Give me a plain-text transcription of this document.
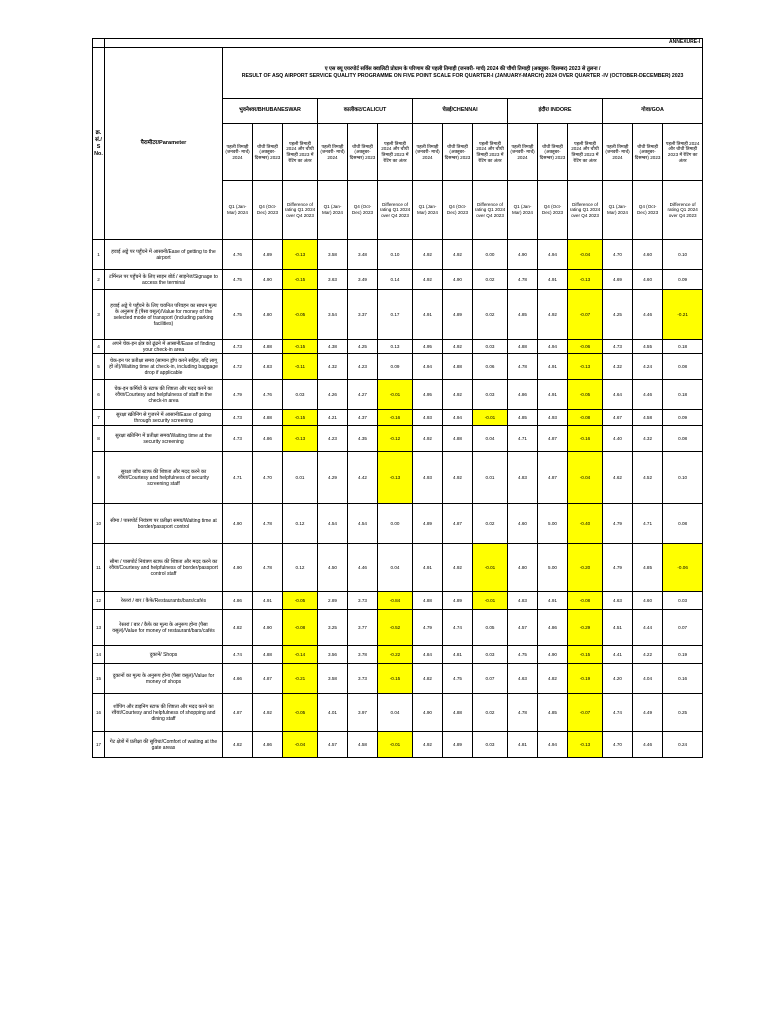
																ANNEXURE-I
क्र.सं./ S No.	पैरामीटर/Parameter	ए एस क्यू एयरपोर्ट सर्विस क्वालिटी प्रोग्राम के परिणाम की पहली तिमाही (जनवरी- मार्च) 2024 की चौथी तिमाही (अक्तूबर- दिसम्बर) 2023 से तुलना /
RESULT OF ASQ AIRPORT SERVICE QUALITY PROGRAMME ON FIVE POINT SCALE FOR QUARTER-I (JANUARY-MARCH) 2024 OVER QUARTER -IV (OCTOBER-DECEMBER) 2023														

		भुवनेश्वर/BHUBANESWAR			कालीकट/CALICUT			चेन्नई/CHENNAI			इंदौर/ INDORE			गोवा/GOA		
		पहली तिमाही (जनवरी- मार्च) 2024	चौथी तिमाही (अक्तूबर- दिसम्बर) 2023	पहली तिमाही 2024 और चौथी तिमाही 2023 में रेटिंग का अंतर	पहली तिमाही (जनवरी- मार्च) 2024	चौथी तिमाही (अक्तूबर- दिसम्बर) 2023	पहली तिमाही 2024 और चौथी तिमाही 2023 में रेटिंग का अंतर	पहली तिमाही (जनवरी- मार्च) 2024	चौथी तिमाही (अक्तूबर- दिसम्बर) 2023	पहली तिमाही 2024 और चौथी तिमाही 2023 में रेटिंग का अंतर	पहली तिमाही (जनवरी- मार्च) 2024	चौथी तिमाही (अक्तूबर- दिसम्बर) 2023	पहली तिमाही 2024 और चौथी तिमाही 2023 में रेटिंग का अंतर	पहली तिमाही (जनवरी- मार्च) 2024	चौथी तिमाही (अक्तूबर- दिसम्बर) 2023	पहली तिमाही 2024 और चौथी तिमाही 2023 में रेटिंग का अंतर
		Q1 (Jan-Mar) 2024	Q4 (Oct-Dec) 2023	Difference of rating Q1 2024 over Q4 2023	Q1 (Jan-Mar) 2024	Q4 (Oct-Dec) 2023	Difference of rating Q1 2024 over Q4 2023	Q1 (Jan-Mar) 2024	Q4 (Oct-Dec) 2023	Difference of rating Q1 2024 over Q4 2023	Q1 (Jan-Mar) 2024	Q4 (Oct-Dec) 2023	Difference of rating Q1 2024 over Q4 2023	Q1 (Jan-Mar) 2024	Q4 (Oct-Dec) 2023	Difference of rating Q1 2024 over Q4 2023
1	हवाई अड्डे पर पहुँचने में आसानी/Ease of getting to the airport	4.76	4.89	-0.13	3.58	3.48	0.10	4.92	4.92	0.00	4.90	4.94	-0.04	4.70	4.60	0.10
2	टर्मिनल पर पहुँचने के लिए साइन बोर्ड / साइनेज/Signage to access the terminal	4.75	4.90	-0.15	3.63	3.49	0.14	4.92	4.90	0.02	4.78	4.91	-0.13	4.69	4.60	0.09
3	हवाई अड्डे पे पहुँचने के लिए चयनित परिवहन का साधन मूल्य के अनुरूप है (पैसा वसूल)/Value for money of the selected mode of transport (including parking facilities)	4.75	4.80	-0.05	3.54	3.37	0.17	4.91	4.89	0.02	4.85	4.92	-0.07	4.25	4.46	-0.21
4	अपने चेक-इन क्षेत्र को ढूंढने में आसानी/Ease of finding your check-in area	4.73	4.88	-0.15	4.38	4.25	0.13	4.95	4.92	0.03	4.88	4.94	-0.06	4.73	4.55	0.18
5	चेक-इन पर प्रतीक्षा समय (सामान ड्रॉप करने सहित, यदि लागू हो तो)/Waiting time at check-in, including baggage drop if applicable	4.72	4.83	-0.11	4.32	4.23	0.09	4.94	4.88	0.06	4.78	4.91	-0.13	4.32	4.24	0.08
6	चेक-इन कर्मियों के स्टाफ की शिष्टता और मदद करने का रवैया/Courtesy and helpfulness of staff in the check-in area	4.79	4.76	0.03	4.26	4.27	-0.01	4.95	4.92	0.03	4.86	4.91	-0.05	4.64	4.46	0.18
7	सुरक्षा स्क्रीनिंग से गुजरने में आसानी/Ease of going through security screening	4.73	4.88	-0.15	4.21	4.37	-0.16	4.93	4.94	-0.01	4.85	4.93	-0.08	4.67	4.58	0.09
8	सुरक्षा स्क्रीनिंग में प्रतीक्षा समय/Waiting time at the security screening	4.73	4.86	-0.13	4.23	4.35	-0.12	4.92	4.88	0.04	4.71	4.87	-0.16	4.40	4.32	0.08
9	सुरक्षा जाँच स्टाफ की शिष्टता और मदद करने का रवैया/Courtesy and helpfulness of security screening staff	4.71	4.70	0.01	4.29	4.42	-0.13	4.93	4.92	0.01	4.83	4.87	-0.04	4.62	4.52	0.10
10	सीमा / पासपोर्ट नियंत्रण पर प्रतीक्षा समय/Waiting time at border/passport control	4.90	4.78	0.12	4.54	4.54	0.00	4.89	4.87	0.02	4.60	5.00	-0.40	4.79	4.71	0.08
11	सीमा / पासपोर्ट नियंत्रण स्टाफ की शिष्टता और मदद करने का रवैया/Courtesy and helpfulness of border/passport control staff	4.90	4.78	0.12	4.50	4.46	0.04	4.91	4.92	-0.01	4.80	5.00	-0.20	4.79	4.85	-0.06
12	रेस्तरां / बार / कैफे/Restaurants/bars/cafés	4.86	4.91	-0.05	2.89	3.73	-0.84	4.88	4.89	-0.01	4.83	4.91	-0.08	4.63	4.60	0.03
13	रेस्तरां / बार / कैफे का मूल्य के अनुरूप होना (पैसा वसूल)/Value for money of restaurant/bars/cafés	4.82	4.90	-0.08	3.25	3.77	-0.52	4.79	4.74	0.05	4.57	4.86	-0.29	4.51	4.44	0.07
14	दुकानें/ Shops	4.74	4.88	-0.14	3.56	3.78	-0.22	4.84	4.81	0.03	4.75	4.90	-0.15	4.41	4.22	0.19
15	दुकानों का मूल्य के अनुरूप होना (पैसा वसूल)/Value for money of shops	4.66	4.87	-0.21	3.58	3.73	-0.15	4.82	4.75	0.07	4.63	4.82	-0.19	4.20	4.04	0.16
16	शॉपिंग और डाइनिंग स्टाफ की शिष्टता और मदद करने का रवैया/Courtesy and helpfulness of shopping and dining staff	4.87	4.92	-0.05	4.01	3.97	0.04	4.90	4.88	0.02	4.78	4.85	-0.07	4.74	4.49	0.25
17	गेट क्षेत्रों में प्रतीक्षा की सुविधा/Comfort of waiting at the gate areas	4.82	4.86	-0.04	4.57	4.58	-0.01	4.92	4.89	0.03	4.81	4.94	-0.13	4.70	4.46	0.24
